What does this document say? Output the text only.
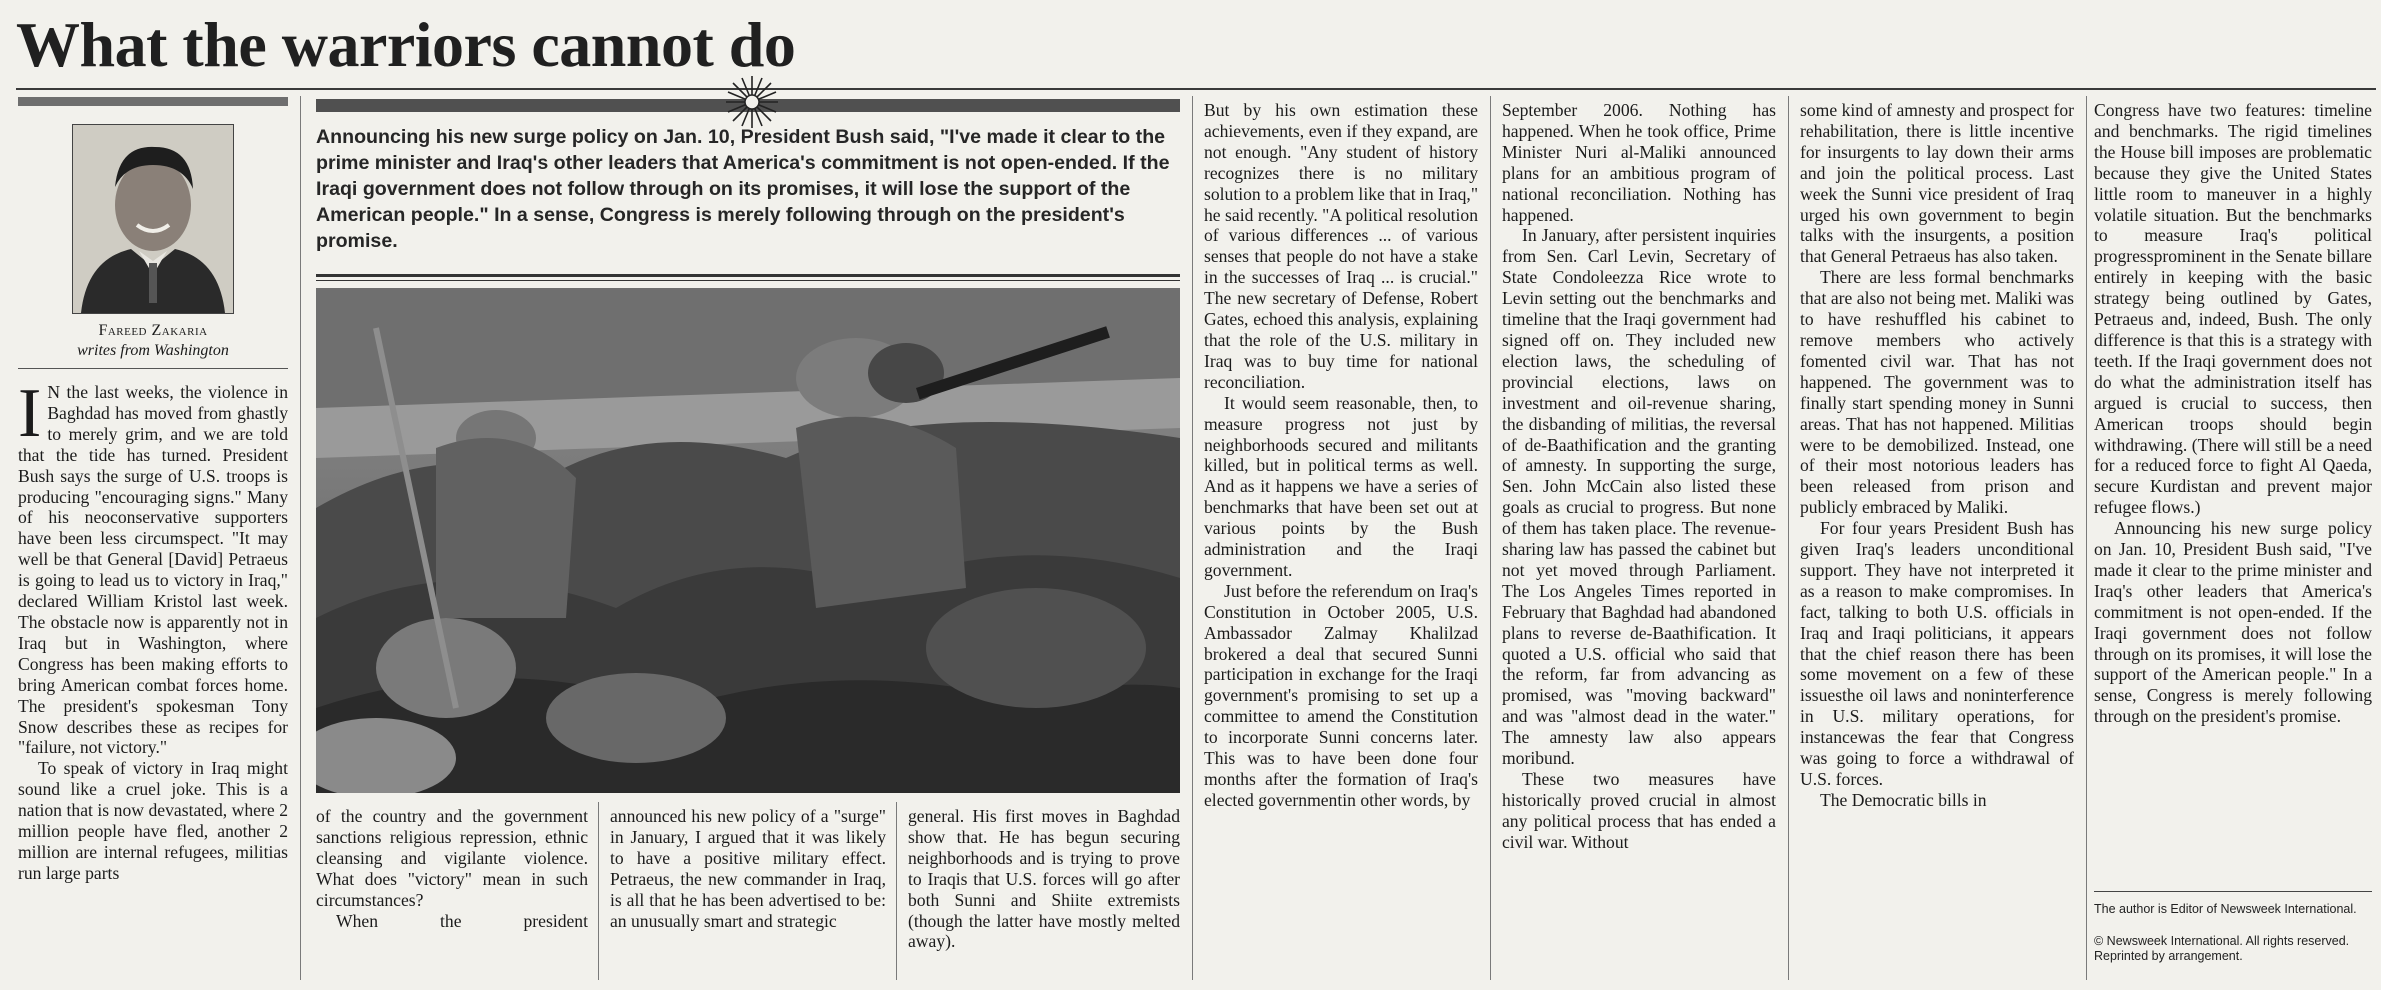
What the warriors cannot do
Fareed Zakaria
writes from Washington

I N the last weeks, the violence in Baghdad has moved from ghastly to merely grim, and we are told that the tide has turned. President Bush says the surge of U.S. troops is producing "encouraging signs." Many of his neoconservative supporters have been less circumspect. "It may well be that General [David] Petraeus is going to lead us to victory in Iraq," declared William Kristol last week. The obstacle now is apparently not in Iraq but in Washington, where Congress has been making efforts to bring American combat forces home. The president's spokesman Tony Snow describes these as recipes for "failure, not victory."

To speak of victory in Iraq might sound like a cruel joke. This is a nation that is now devastated, where 2 million people have fled, another 2 million are internal refugees, militias run large parts

Announcing his new surge policy on Jan. 10, President Bush said, "I've made it clear to the prime minister and Iraq's other leaders that America's commitment is not open-ended. If the Iraqi government does not follow through on its promises, it will lose the support of the American people." In a sense, Congress is merely following through on the president's promise.

of the country and the government sanctions religious repression, ethnic cleansing and vigilante violence. What does "victory" mean in such circumstances?

When the president

announced his new policy of a "surge" in January, I argued that it was likely to have a positive military effect. Petraeus, the new commander in Iraq, is all that he has been advertised to be: an unusually smart and strategic

general. His first moves in Baghdad show that. He has begun securing neighborhoods and is trying to prove to Iraqis that U.S. forces will go after both Sunni and Shiite extremists (though the latter have mostly melted away).

But by his own estimation these achievements, even if they expand, are not enough. "Any student of history recognizes there is no military solution to a problem like that in Iraq," he said recently. "A political resolution of various differences ... of various senses that people do not have a stake in the successes of Iraq ... is crucial." The new secretary of Defense, Robert Gates, echoed this analysis, explaining that the role of the U.S. military in Iraq was to buy time for national reconciliation.

It would seem reasonable, then, to measure progress not just by neighborhoods secured and militants killed, but in political terms as well. And as it happens we have a series of benchmarks that have been set out at various points by the Bush administration and the Iraqi government.

Just before the referendum on Iraq's Constitution in October 2005, U.S. Ambassador Zalmay Khalilzad brokered a deal that secured Sunni participation in exchange for the Iraqi government's promising to set up a committee to amend the Constitution to incorporate Sunni concerns later. This was to have been done four months after the formation of Iraq's elected governmentin other words, by

September 2006. Nothing has happened. When he took office, Prime Minister Nuri al-Maliki announced plans for an ambitious program of national reconciliation. Nothing has happened.

In January, after persistent inquiries from Sen. Carl Levin, Secretary of State Condoleezza Rice wrote to Levin setting out the benchmarks and timeline that the Iraqi government had signed off on. They included new election laws, the scheduling of provincial elections, laws on investment and oil-revenue sharing, the disbanding of militias, the reversal of de-Baathification and the granting of amnesty. In supporting the surge, Sen. John McCain also listed these goals as crucial to progress. But none of them has taken place. The revenue-sharing law has passed the cabinet but not yet moved through Parliament. The Los Angeles Times reported in February that Baghdad had abandoned plans to reverse de-Baathification. It quoted a U.S. official who said that the reform, far from advancing as promised, was "moving backward" and was "almost dead in the water." The amnesty law also appears moribund.

These two measures have historically proved crucial in almost any political process that has ended a civil war. Without

some kind of amnesty and prospect for rehabilitation, there is little incentive for insurgents to lay down their arms and join the political process. Last week the Sunni vice president of Iraq urged his own government to begin talks with the insurgents, a position that General Petraeus has also taken.

There are less formal benchmarks that are also not being met. Maliki was to have reshuffled his cabinet to remove members who actively fomented civil war. That has not happened. The government was to finally start spending money in Sunni areas. That has not happened. Militias were to be demobilized. Instead, one of their most notorious leaders has been released from prison and publicly embraced by Maliki.

For four years President Bush has given Iraq's leaders unconditional support. They have not interpreted it as a reason to make compromises. In fact, talking to both U.S. officials in Iraq and Iraqi politicians, it appears that the chief reason there has been some movement on a few of these issuesthe oil laws and noninterference in U.S. military operations, for instancewas the fear that Congress was going to force a withdrawal of U.S. forces.

The Democratic bills in

Congress have two features: timeline and benchmarks. The rigid timelines the House bill imposes are problematic because they give the United States little room to maneuver in a highly volatile situation. But the benchmarks to measure Iraq's political progressprominent in the Senate billare entirely in keeping with the basic strategy being outlined by Gates, Petraeus and, indeed, Bush. The only difference is that this is a strategy with teeth. If the Iraqi government does not do what the administration itself has argued is crucial to success, then American troops should begin withdrawing. (There will still be a need for a reduced force to fight Al Qaeda, secure Kurdistan and prevent major refugee flows.)

Announcing his new surge policy on Jan. 10, President Bush said, "I've made it clear to the prime minister and Iraq's other leaders that America's commitment is not open-ended. If the Iraqi government does not follow through on its promises, it will lose the support of the American people." In a sense, Congress is merely following through on the president's promise.

The author is Editor of Newsweek International.
© Newsweek International. All rights reserved. Reprinted by arrangement.
